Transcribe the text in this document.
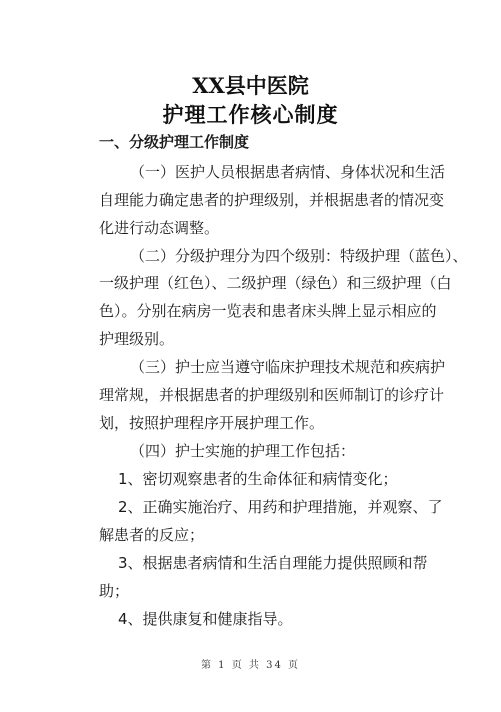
XX县中医院
护理工作核心制度
一、分级护理工作制度
（一）医护人员根据患者病情、身体状况和生活
自理能力确定患者的护理级别，并根据患者的情况变
化进行动态调整。
（二）分级护理分为四个级别：特级护理（蓝色）、
一级护理（红色）、二级护理（绿色）和三级护理（白
色）。分别在病房一览表和患者床头牌上显示相应的
护理级别。
（三）护士应当遵守临床护理技术规范和疾病护
理常规，并根据患者的护理级别和医师制订的诊疗计
划，按照护理程序开展护理工作。
（四）护士实施的护理工作包括：
1、密切观察患者的生命体征和病情变化；
2、正确实施治疗、用药和护理措施，并观察、了
解患者的反应；
3、根据患者病情和生活自理能力提供照顾和帮
助；
4、提供康复和健康指导。
第 1 页 共 34 页
